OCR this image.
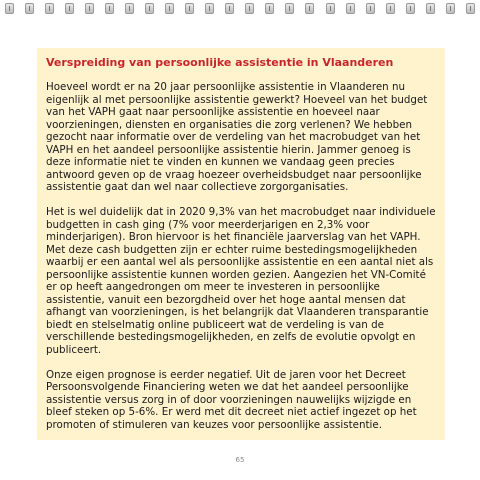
Verspreiding van persoonlijke assistentie in Vlaanderen

Hoeveel wordt er na 20 jaar persoonlijke assistentie in Vlaanderen nu eigenlijk al met persoonlijke assistentie gewerkt? Hoeveel van het budget van het VAPH gaat naar persoonlijke assistentie en hoeveel naar voorzieningen, diensten en organisaties die zorg verlenen? We hebben gezocht naar informatie over de verdeling van het macrobudget van het VAPH en het aandeel persoonlijke assistentie hierin. Jammer genoeg is deze informatie niet te vinden en kunnen we vandaag geen precies antwoord geven op de vraag hoezeer overheidsbudget naar persoonlijke assistentie gaat dan wel naar collectieve zorgorganisaties.

Het is wel duidelijk dat in 2020 9,3% van het macrobudget naar individuele budgetten in cash ging (7% voor meerderjarigen en 2,3% voor minderjarigen). Bron hiervoor is het financiële jaarverslag van het VAPH. Met deze cash budgetten zijn er echter ruime bestedingsmogelijkheden waarbij er een aantal wel als persoonlijke assistentie en een aantal niet als persoonlijke assistentie kunnen worden gezien. Aangezien het VN-Comité er op heeft aangedrongen om meer te investeren in persoonlijke assistentie, vanuit een bezorgdheid over het hoge aantal mensen dat afhangt van voorzieningen, is het belangrijk dat Vlaanderen transparantie biedt en stelselmatig online publiceert wat de verdeling is van de verschillende bestedingsmogelijkheden, en zelfs de evolutie opvolgt en publiceert.

Onze eigen prognose is eerder negatief. Uit de jaren voor het Decreet Persoonsvolgende Financiering weten we dat het aandeel persoonlijke assistentie versus zorg in of door voorzieningen nauwelijks wijzigde en bleef steken op 5-6%. Er werd met dit decreet niet actief ingezet op het promoten of stimuleren van keuzes voor persoonlijke assistentie.

65
